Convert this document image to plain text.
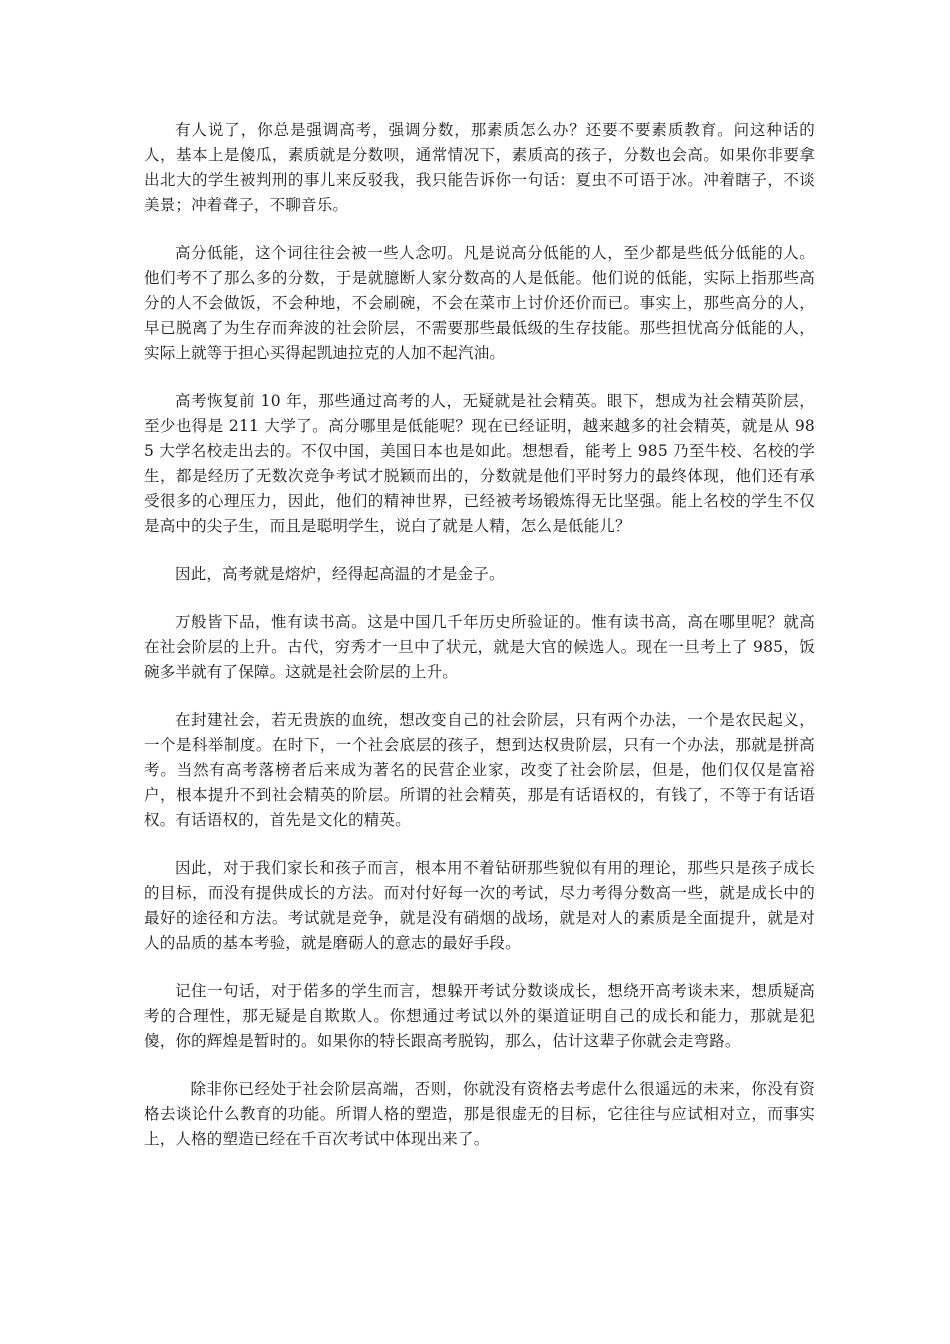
有人说了，你总是强调高考，强调分数，那素质怎么办？还要不要素质教育。问这种话的人，基本上是傻瓜，素质就是分数呗，通常情况下，素质高的孩子，分数也会高。如果你非要拿出北大的学生被判刑的事儿来反驳我，我只能告诉你一句话：夏虫不可语于冰。冲着瞎子，不谈美景；冲着聋子，不聊音乐。

高分低能，这个词往往会被一些人念叨。凡是说高分低能的人，至少都是些低分低能的人。他们考不了那么多的分数，于是就臆断人家分数高的人是低能。他们说的低能，实际上指那些高分的人不会做饭，不会种地，不会刷碗，不会在菜市上讨价还价而已。事实上，那些高分的人，早已脱离了为生存而奔波的社会阶层，不需要那些最低级的生存技能。那些担忧高分低能的人，实际上就等于担心买得起凯迪拉克的人加不起汽油。

高考恢复前 10 年，那些通过高考的人，无疑就是社会精英。眼下，想成为社会精英阶层，至少也得是 211 大学了。高分哪里是低能呢？现在已经证明，越来越多的社会精英，就是从 985 大学名校走出去的。不仅中国，美国日本也是如此。想想看，能考上 985 乃至牛校、名校的学生，都是经历了无数次竞争考试才脱颖而出的，分数就是他们平时努力的最终体现，他们还有承受很多的心理压力，因此，他们的精神世界，已经被考场锻炼得无比坚强。能上名校的学生不仅是高中的尖子生，而且是聪明学生，说白了就是人精，怎么是低能儿？

因此，高考就是熔炉，经得起高温的才是金子。

万般皆下品，惟有读书高。这是中国几千年历史所验证的。惟有读书高，高在哪里呢？就高在社会阶层的上升。古代，穷秀才一旦中了状元，就是大官的候选人。现在一旦考上了 985，饭碗多半就有了保障。这就是社会阶层的上升。

在封建社会，若无贵族的血统，想改变自己的社会阶层，只有两个办法，一个是农民起义，一个是科举制度。在时下，一个社会底层的孩子，想到达权贵阶层，只有一个办法，那就是拼高考。当然有高考落榜者后来成为著名的民营企业家，改变了社会阶层，但是，他们仅仅是富裕户，根本提升不到社会精英的阶层。所谓的社会精英，那是有话语权的，有钱了，不等于有话语权。有话语权的，首先是文化的精英。

因此，对于我们家长和孩子而言，根本用不着钻研那些貌似有用的理论，那些只是孩子成长的目标，而没有提供成长的方法。而对付好每一次的考试，尽力考得分数高一些，就是成长中的最好的途径和方法。考试就是竞争，就是没有硝烟的战场，就是对人的素质是全面提升，就是对人的品质的基本考验，就是磨砺人的意志的最好手段。

记住一句话，对于偌多的学生而言，想躲开考试分数谈成长，想绕开高考谈未来，想质疑高考的合理性，那无疑是自欺欺人。你想通过考试以外的渠道证明自己的成长和能力，那就是犯傻，你的辉煌是暂时的。如果你的特长跟高考脱钩，那么，估计这辈子你就会走弯路。

除非你已经处于社会阶层高端，否则，你就没有资格去考虑什么很遥远的未来，你没有资格去谈论什么教育的功能。所谓人格的塑造，那是很虚无的目标，它往往与应试相对立，而事实上，人格的塑造已经在千百次考试中体现出来了。
